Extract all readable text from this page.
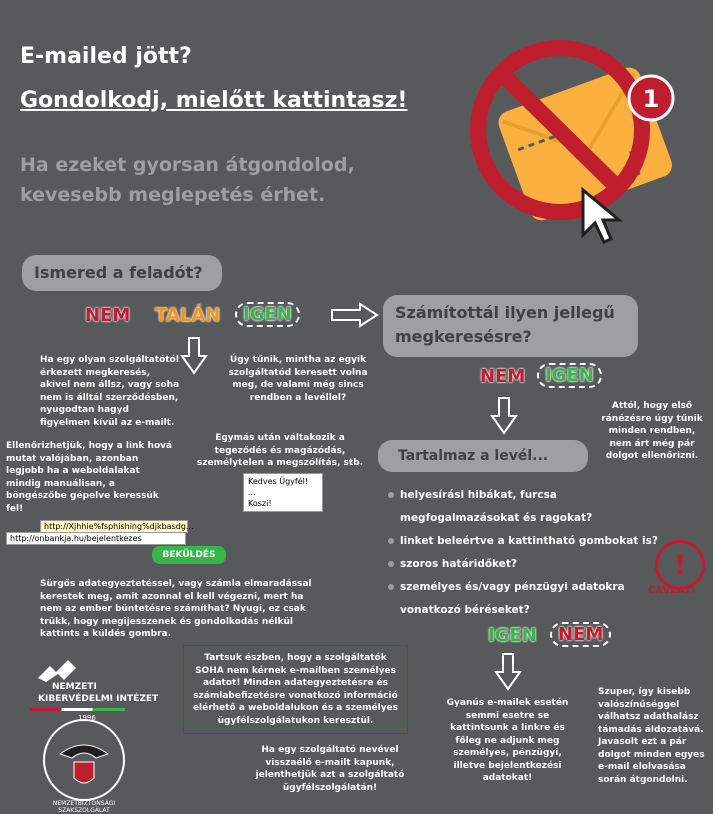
E-mailed jött?
Gondolkodj, mielőtt kattintasz!
Ha ezeket gyorsan átgondolod, kevesebb meglepetés érhet.
1
Ismered a feladót?
NEM TALÁN	IGEN
Ha egy olyan szolgáltatótól érkezett megkeresés, akivel nem állsz, vagy soha nem is álltál szerződésben, nyugodtan hagyd figyelmen kívül az e-mailt.
Úgy tűnik, mintha az egyik szolgáltatód keresett volna meg, de valami még sincs rendben a levéllel?
Számítottál ilyen jellegű megkeresésre?
NEM	IGEN
Attól, hogy első ránézésre úgy tűnik minden rendben, nem árt még pár dolgot ellenőrizni.
Egymás után váltakozik a tegeződés és magázódás, személytelen a megszólítás, stb.
Kedves Ügyfél!
...
Koszi!
Tartalmaz a levél...
helyesírási hibákat, furcsa
megfogalmazásokat és ragokat?
linket beleértve a kattintható gombokat is?
szoros határidőket?
személyes és/vagy pénzügyi adatokra
vonatkozó béréseket?
!
CAVEAT!
Ellenőrizhetjük, hogy a link hová mutat valójában, azonban legjobb ha a weboldalakat mindig manuálisan, a böngészőbe gépelve keressük fel!
http://Xjhhie%fsphishing%djkbasdg...
http://onbankja.hu/bejelentkezes
BEKÜLDÉS
Sürgős adategyeztetéssel, vagy számla elmaradással kerestek meg, amit azonnal el kell végezni, mert ha nem az ember büntetésre számíthat? Nyugi, ez csak trükk, hogy megijesszenek és gondolkodás nélkül kattints a küldés gombra.
Tartsuk észben, hogy a szolgáltatók SOHA nem kérnek e-mailben személyes adatot! Minden adategyeztetésre és számlabefizetésre vonatkozó információ elérhető a weboldalukon és a személyes ügyfélszolgálatukon keresztül.
IGEN	NEM
Gyanús e-mailek esetén semmi esetre se kattintsunk a linkre és főleg ne adjunk meg személyes, pénzügyi, illetve bejelentkezési adatokat!
Szuper, így kisebb valószínűséggel válhatsz adathalász támadás áldozatává. Javasolt ezt a pár dolgot minden egyes e-mail elolvasása során átgondolni.
Ha egy szolgáltató nevével visszaélő e-mailt kapunk, jelenthetjük azt a szolgáltató ügyfélszolgálatán!
NEMZETI
KIBERVÉDELMI INTÉZET
1996
NEMZETBIZTONSÁGI SZAKSZOLGÁLAT
